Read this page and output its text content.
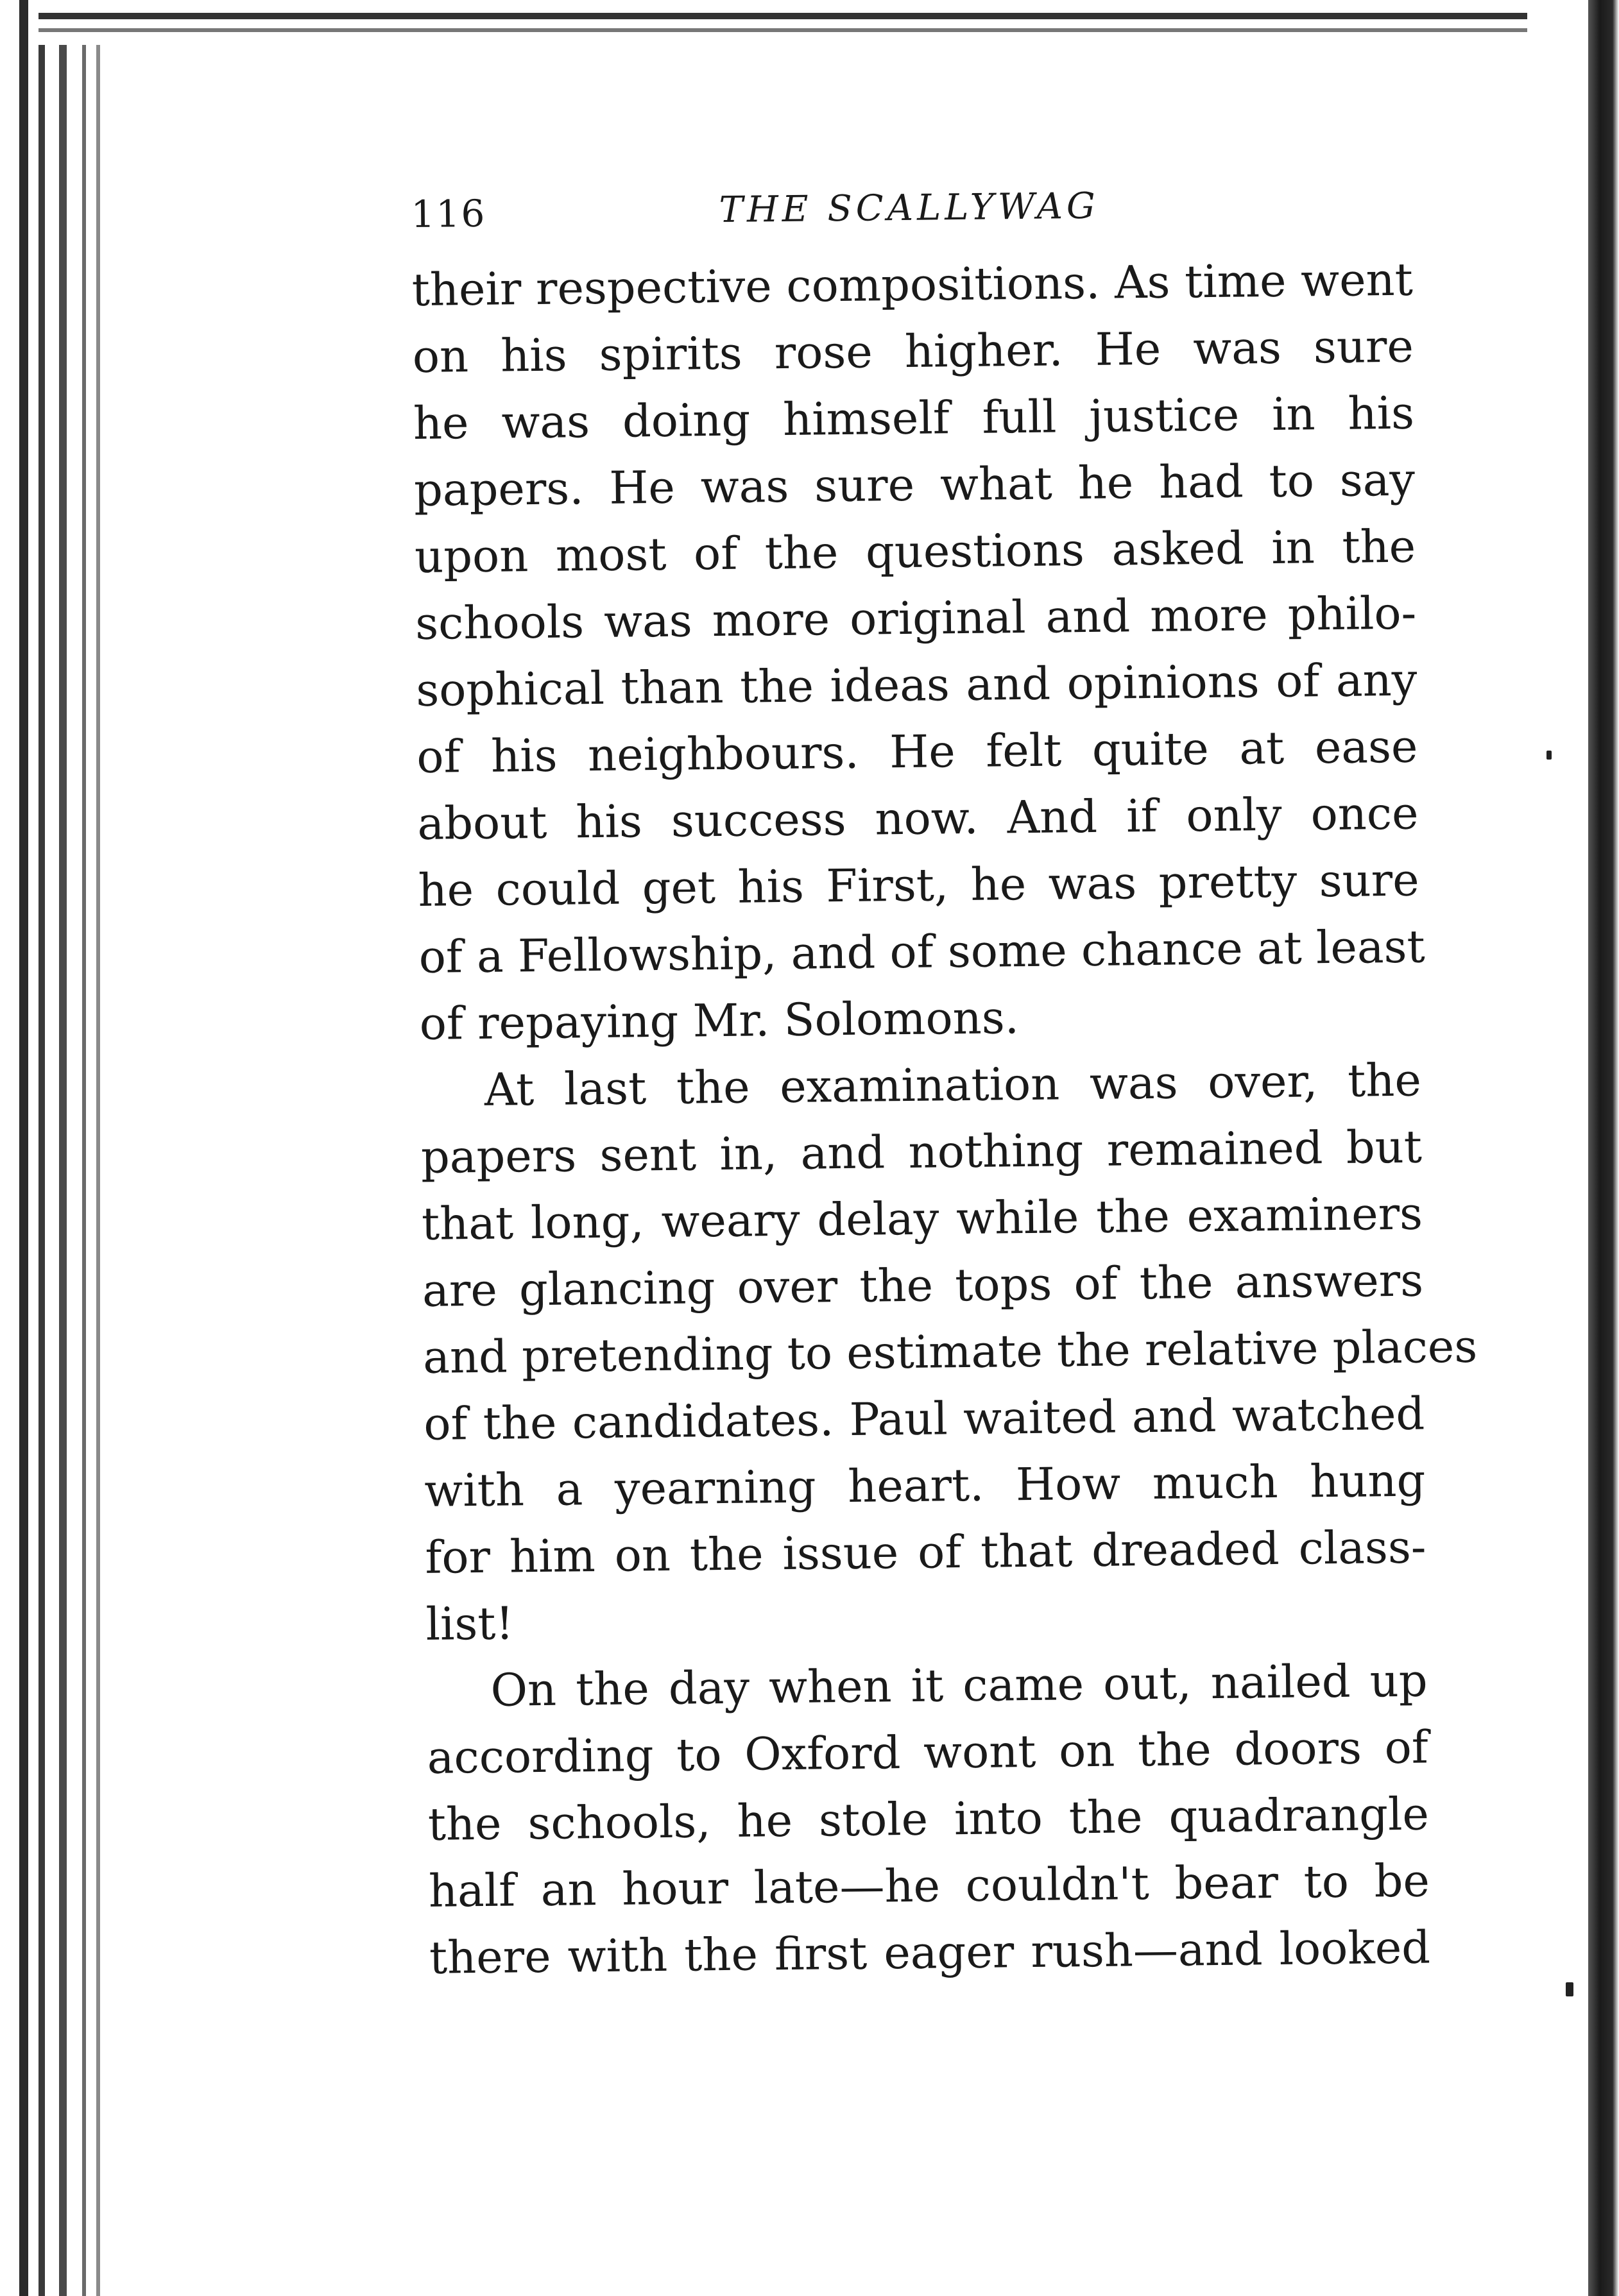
116	THE SCALLYWAG
their respective compositions. As time went
on his spirits rose higher. He was sure
he was doing himself full justice in his
papers. He was sure what he had to say
upon most of the questions asked in the
schools was more original and more philo-
sophical than the ideas and opinions of any
of his neighbours. He felt quite at ease
about his success now. And if only once
he could get his First, he was pretty sure
of a Fellowship, and of some chance at least
of repaying Mr. Solomons.
At last the examination was over, the
papers sent in, and nothing remained but
that long, weary delay while the examiners
are glancing over the tops of the answers
and pretending to estimate the relative places
of the candidates. Paul waited and watched
with a yearning heart. How much hung
for him on the issue of that dreaded class-
list!
On the day when it came out, nailed up
according to Oxford wont on the doors of
the schools, he stole into the quadrangle
half an hour late—he couldn't bear to be
there with the first eager rush—and looked
